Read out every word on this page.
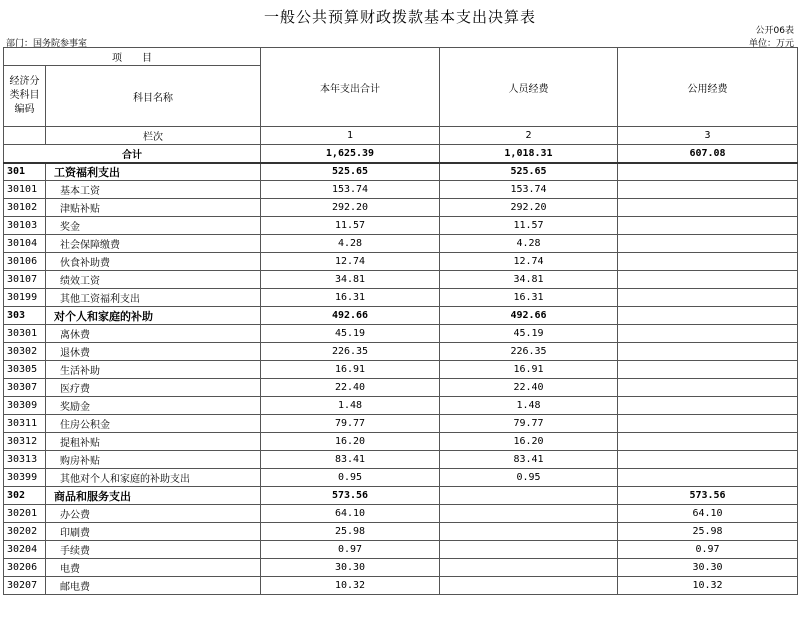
一般公共预算财政拨款基本支出决算表
公开06表
部门：国务院参事室	单位：万元
项　　目		本年支出合计	人员经费	公用经费
经济分类科目编码	科目名称			
	栏次	1	2	3
合计		1,625.39	1,018.31	607.08
301	工资福利支出	525.65	525.65	
30101	基本工资	153.74	153.74	
30102	津贴补贴	292.20	292.20	
30103	奖金	11.57	11.57	
30104	社会保障缴费	4.28	4.28	
30106	伙食补助费	12.74	12.74	
30107	绩效工资	34.81	34.81	
30199	其他工资福利支出	16.31	16.31	
303	对个人和家庭的补助	492.66	492.66	
30301	离休费	45.19	45.19	
30302	退休费	226.35	226.35	
30305	生活补助	16.91	16.91	
30307	医疗费	22.40	22.40	
30309	奖励金	1.48	1.48	
30311	住房公积金	79.77	79.77	
30312	提租补贴	16.20	16.20	
30313	购房补贴	83.41	83.41	
30399	其他对个人和家庭的补助支出	0.95	0.95	
302	商品和服务支出	573.56		573.56
30201	办公费	64.10		64.10
30202	印刷费	25.98		25.98
30204	手续费	0.97		0.97
30206	电费	30.30		30.30
30207	邮电费	10.32		10.32
